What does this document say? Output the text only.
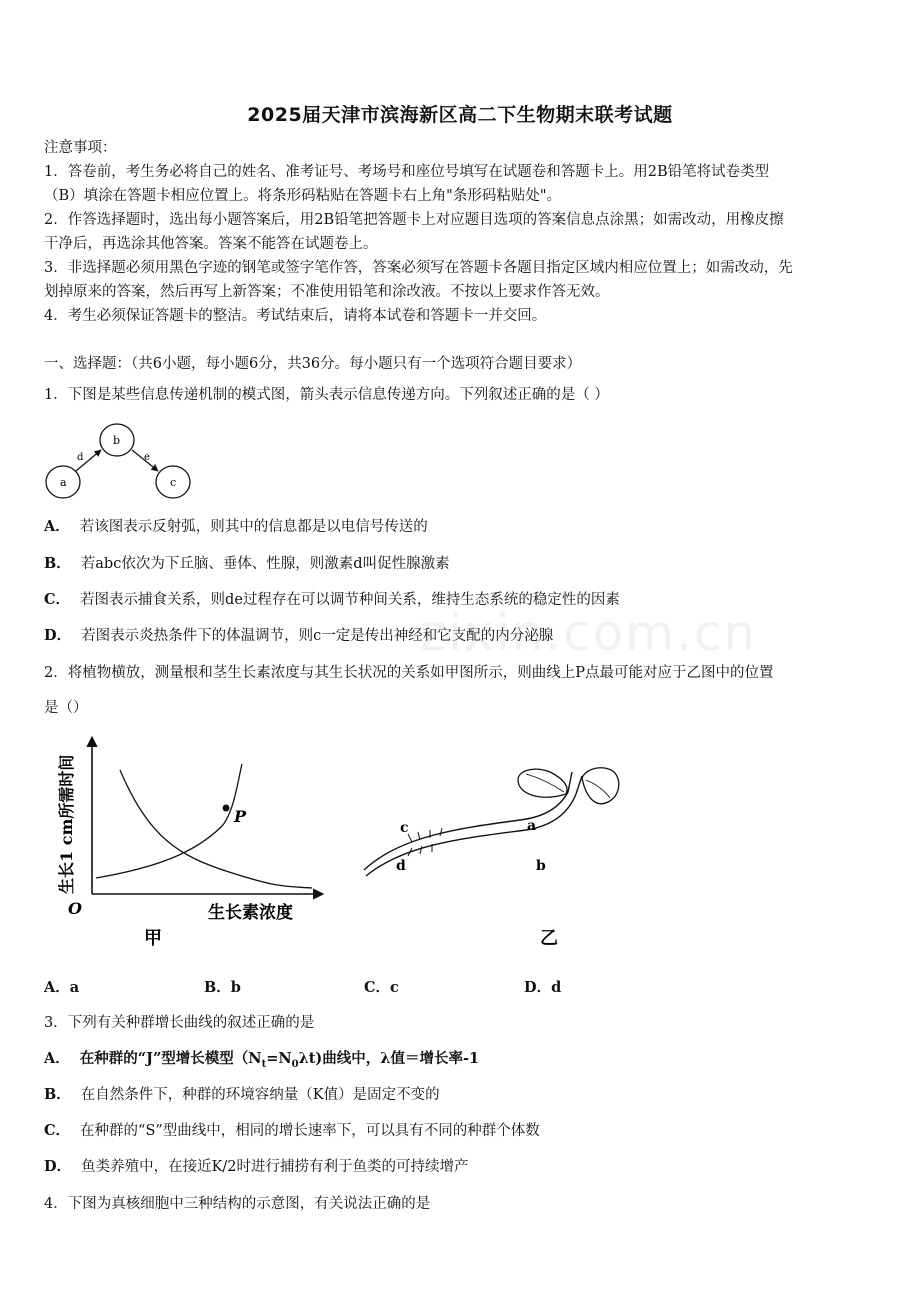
2025届天津市滨海新区高二下生物期末联考试题
注意事项：
1．答卷前，考生务必将自己的姓名、准考证号、考场号和座位号填写在试题卷和答题卡上。用2B铅笔将试卷类型
（B）填涂在答题卡相应位置上。将条形码粘贴在答题卡右上角"条形码粘贴处"。
2．作答选择题时，选出每小题答案后，用2B铅笔把答题卡上对应题目选项的答案信息点涂黑；如需改动，用橡皮擦
干净后，再选涂其他答案。答案不能答在试题卷上。
3．非选择题必须用黑色字迹的钢笔或签字笔作答，答案必须写在答题卡各题目指定区域内相应位置上；如需改动，先
划掉原来的答案，然后再写上新答案；不准使用铅笔和涂改液。不按以上要求作答无效。
4．考生必须保证答题卡的整洁。考试结束后，请将本试卷和答题卡一并交回。
一、选择题：（共6小题，每小题6分，共36分。每小题只有一个选项符合题目要求）
1．下图是某些信息传递机制的模式图，箭头表示信息传递方向。下列叙述正确的是（ ）
a
b
c
d	e
A． 若该图表示反射弧，则其中的信息都是以电信号传送的
B． 若abc依次为下丘脑、垂体、性腺，则激素d叫促性腺激素
C． 若图表示捕食关系，则de过程存在可以调节种间关系，维持生态系统的稳定性的因素
D． 若图表示炎热条件下的体温调节，则c一定是传出神经和它支配的内分泌腺
zixin.com.cn
2．将植物横放，测量根和茎生长素浓度与其生长状况的关系如甲图所示，则曲线上P点最可能对应于乙图中的位置
是（）
P
O
生长1 cm所需时间
生长素浓度
甲
a
b
c
d
乙
A．a	B．b	C．c	D．d
3．下列有关种群增长曲线的叙述正确的是
A． 在种群的“J”型增长模型$(N_t=N_0\lambda t)$曲线中，λ值＝增长率-1
B． 在自然条件下，种群的环境容纳量（K值）是固定不变的
C． 在种群的“S”型曲线中，相同的增长速率下，可以具有不同的种群个体数
D． 鱼类养殖中，在接近K/2时进行捕捞有利于鱼类的可持续增产
4．下图为真核细胞中三种结构的示意图，有关说法正确的是
